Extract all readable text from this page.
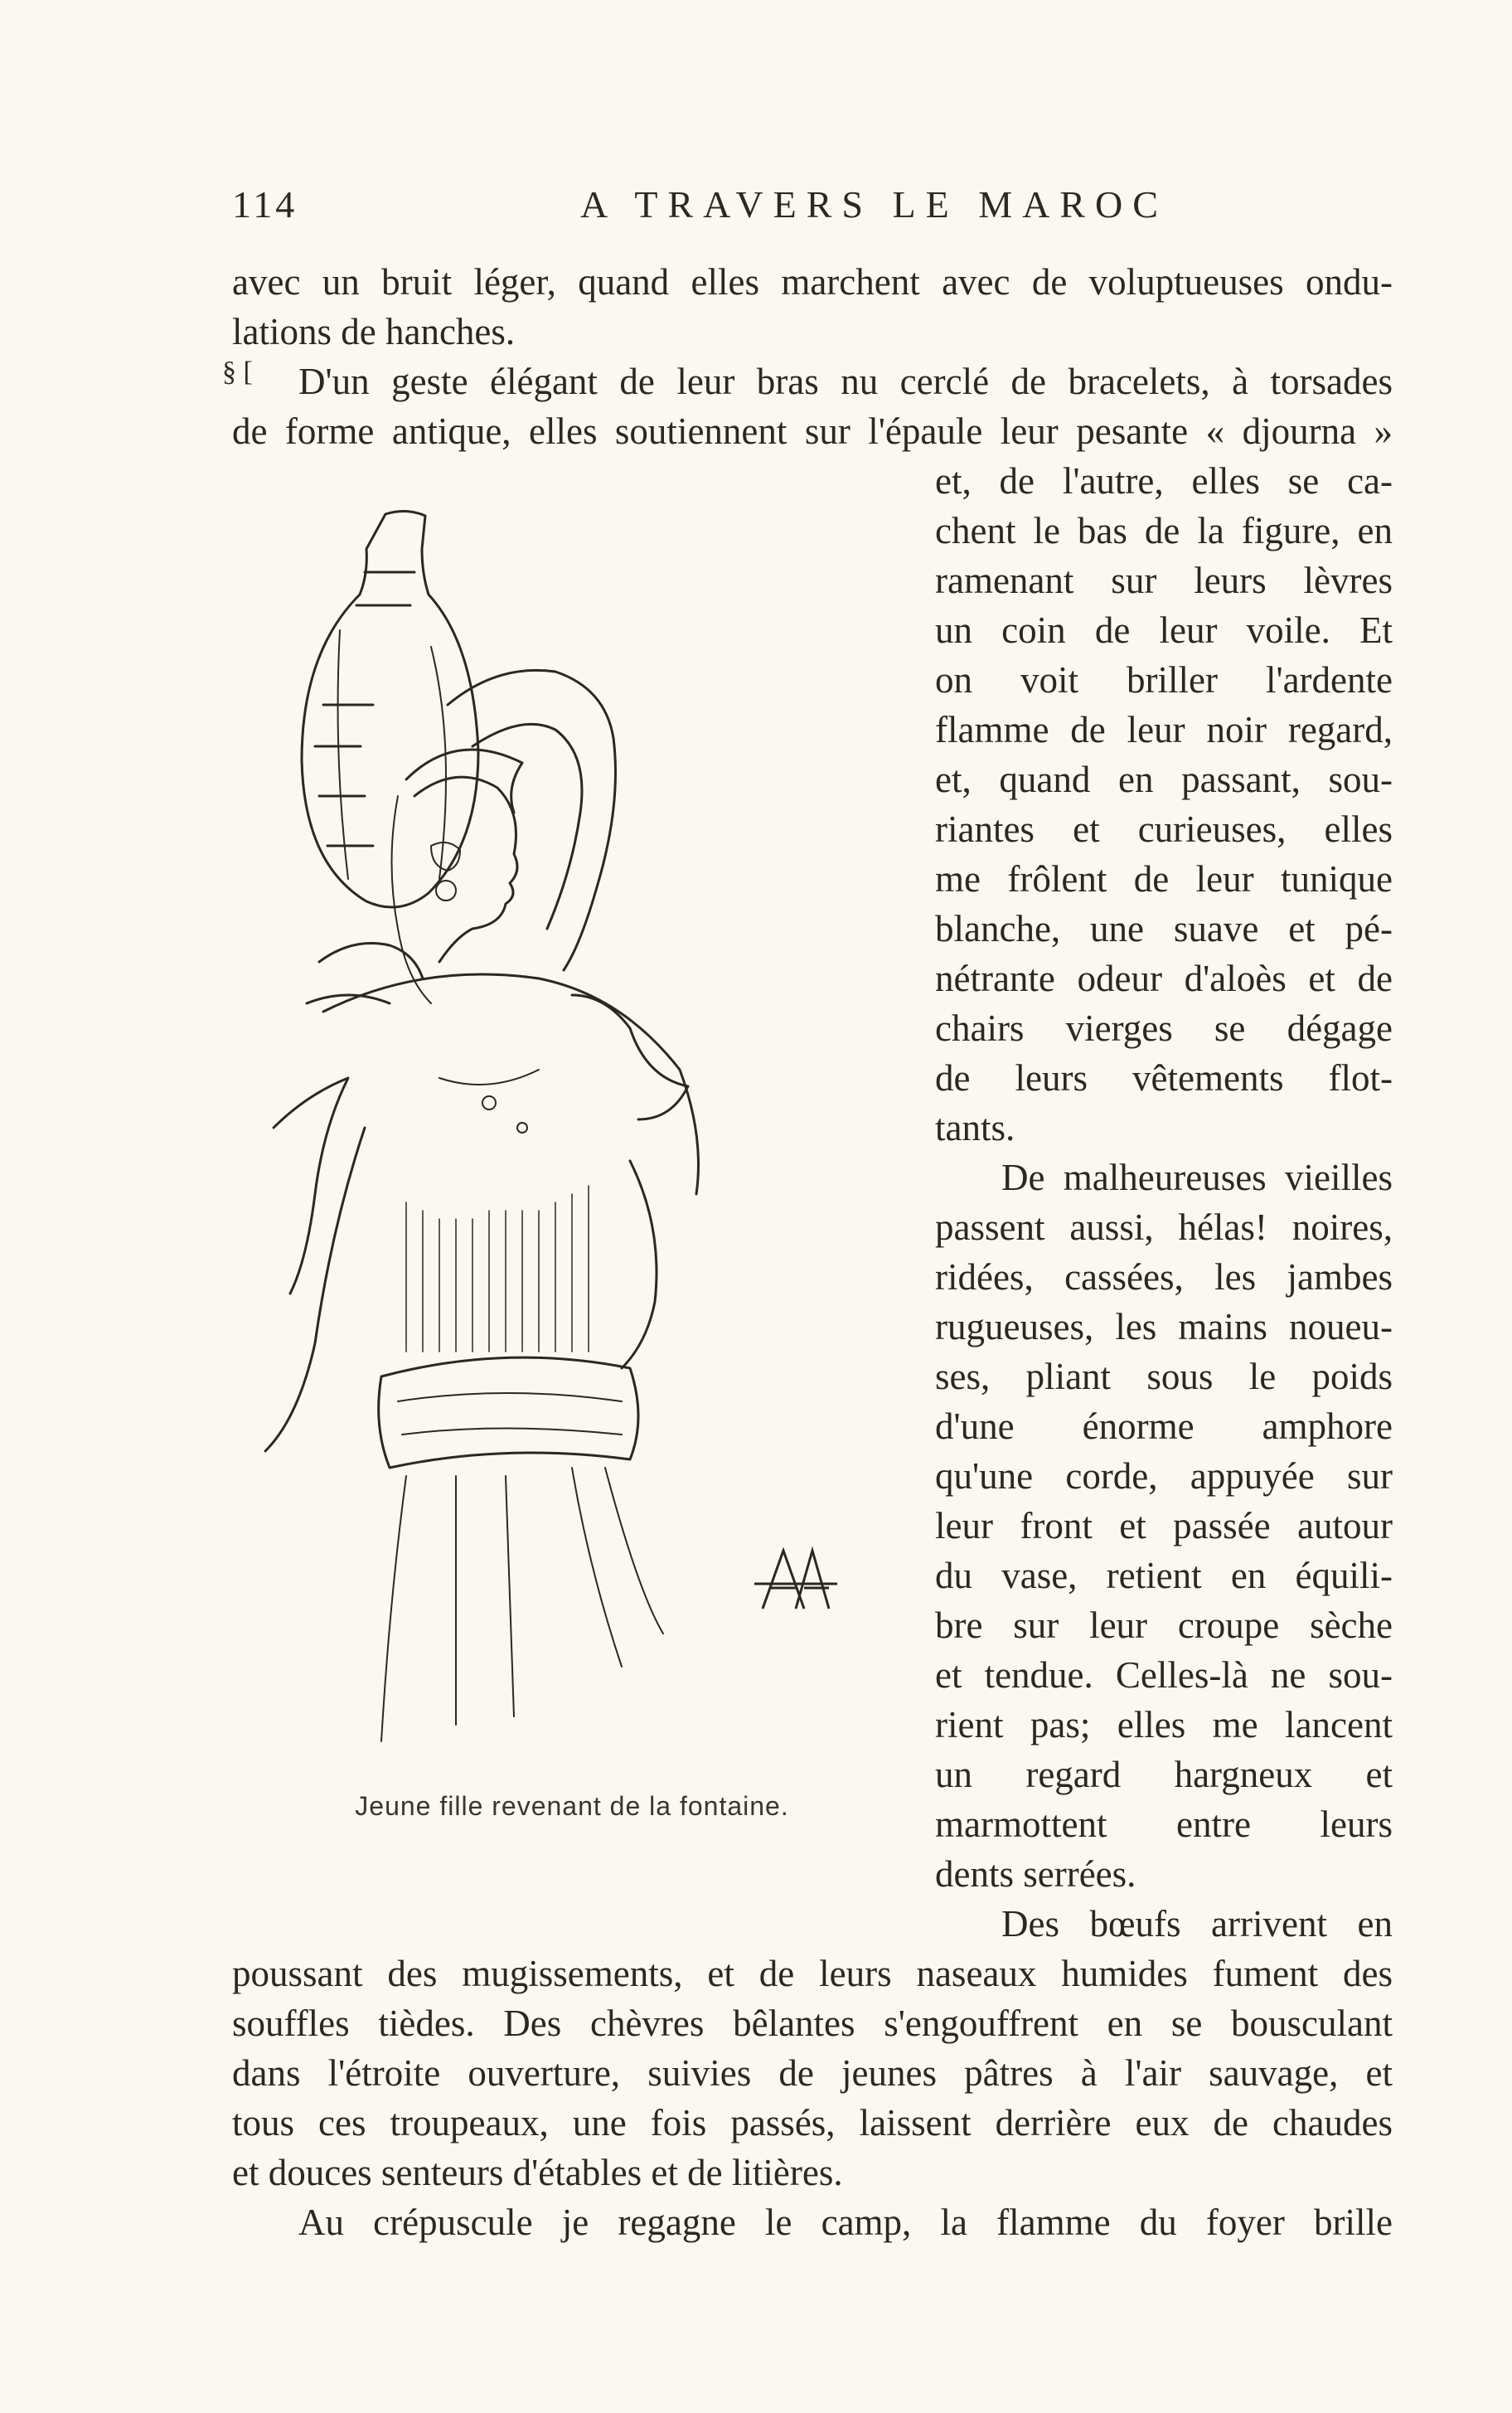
114	A TRAVERS LE MAROC
avec un bruit léger, quand elles marchent avec de voluptueuses ondu-
lations de hanches.
§ [	D'un geste élégant de leur bras nu cerclé de bracelets, à torsades
de forme antique, elles soutiennent sur l'épaule leur pesante « djourna »
et, de l'autre, elles se ca-
chent le bas de la figure, en
ramenant sur leurs lèvres
un coin de leur voile. Et
on voit briller l'ardente
flamme de leur noir regard,
et, quand en passant, sou-
riantes et curieuses, elles
me frôlent de leur tunique
blanche, une suave et pé-
nétrante odeur d'aloès et de
chairs vierges se dégage
de leurs vêtements flot-
tants.
De malheureuses vieilles
passent aussi, hélas! noires,
ridées, cassées, les jambes
rugueuses, les mains noueu-
ses, pliant sous le poids
d'une énorme amphore
qu'une corde, appuyée sur
leur front et passée autour
du vase, retient en équili-
bre sur leur croupe sèche
et tendue. Celles-là ne sou-
rient pas; elles me lancent
un regard hargneux et
marmottent entre leurs
dents serrées.
Des bœufs arrivent en
Jeune fille revenant de la fontaine.
poussant des mugissements, et de leurs naseaux humides fument des
souffles tièdes. Des chèvres bêlantes s'engouffrent en se bousculant
dans l'étroite ouverture, suivies de jeunes pâtres à l'air sauvage, et
tous ces troupeaux, une fois passés, laissent derrière eux de chaudes
et douces senteurs d'étables et de litières.
Au crépuscule je regagne le camp, la flamme du foyer brille
